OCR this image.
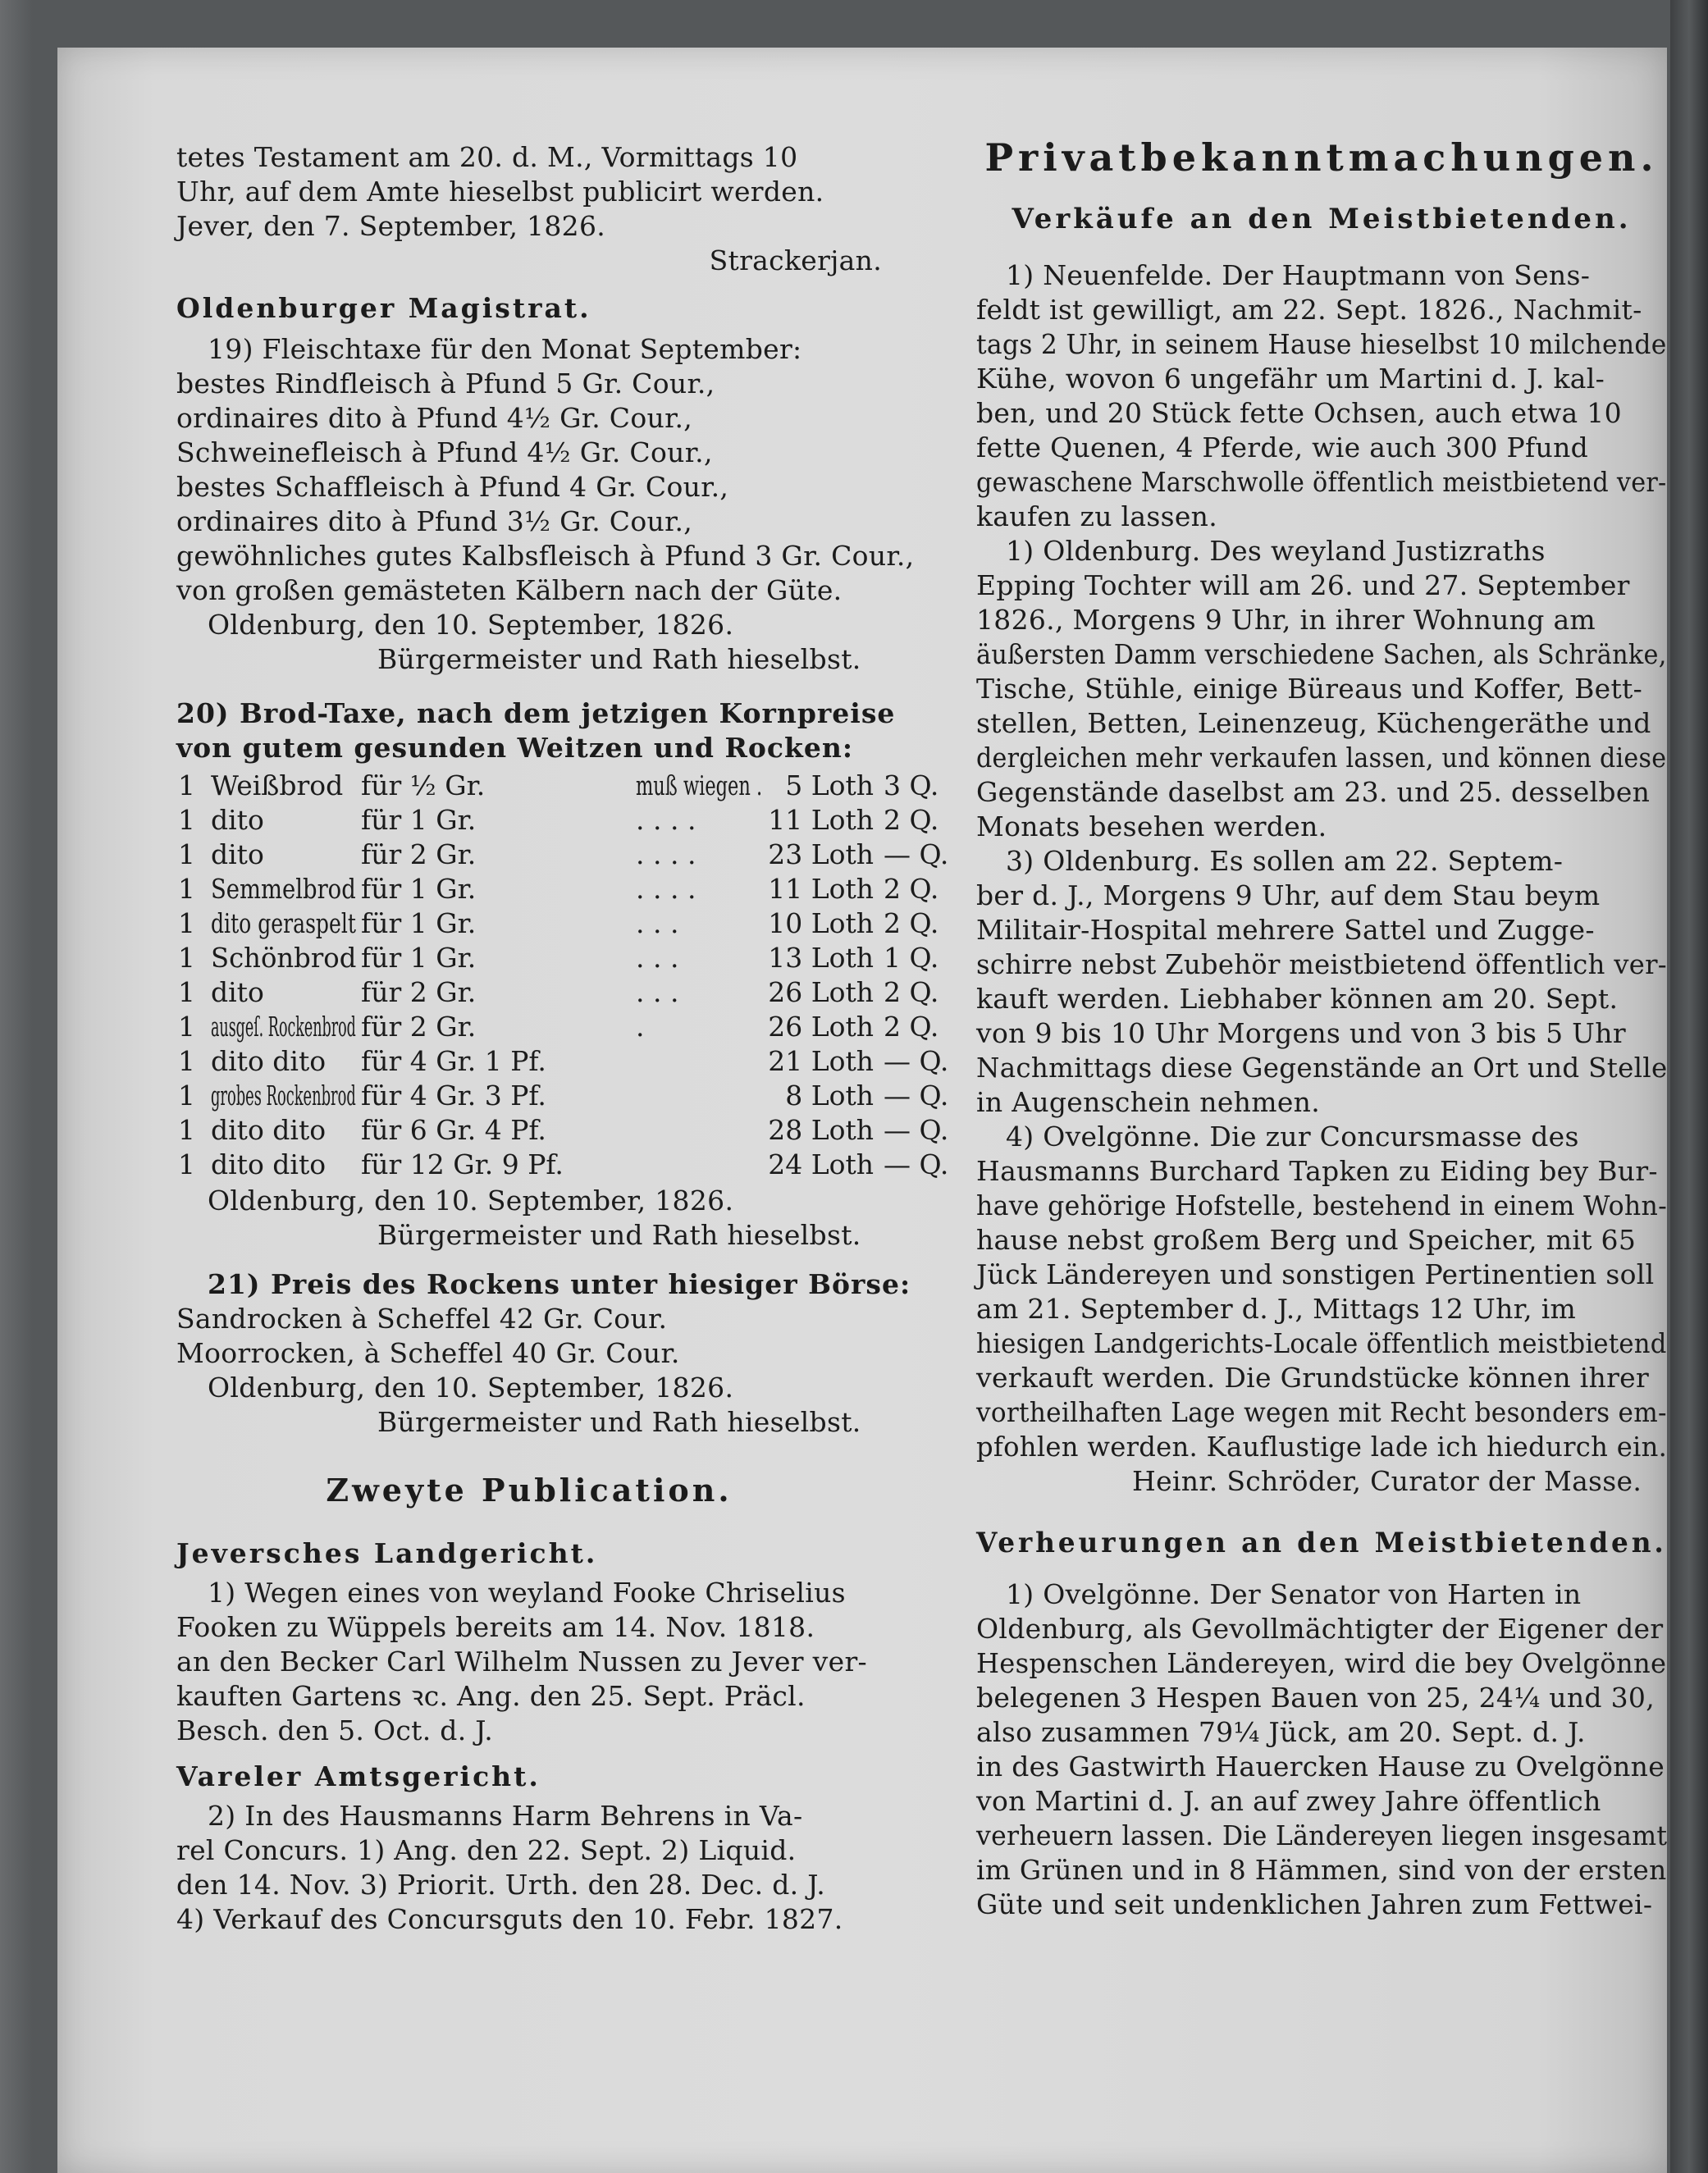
tetes Testament am 20. d. M., Vormittags 10
Uhr, auf dem Amte hieselbst publicirt werden.
Jever, den 7. September, 1826.
Strackerjan.
Oldenburger Magistrat.
19) Fleischtaxe für den Monat September:
bestes Rindfleisch à Pfund 5 Gr. Cour.,
ordinaires dito à Pfund 4½ Gr. Cour.,
Schweinefleisch à Pfund 4½ Gr. Cour.,
bestes Schaffleisch à Pfund 4 Gr. Cour.,
ordinaires dito à Pfund 3½ Gr. Cour.,
gewöhnliches gutes Kalbsfleisch à Pfund 3 Gr. Cour.,
von großen gemästeten Kälbern nach der Güte.
Oldenburg, den 10. September, 1826.
Bürgermeister und Rath hieselbst.
20) Brod-Taxe, nach dem jetzigen Kornpreise
von gutem gesunden Weitzen und Rocken:
1 Weißbrod für ½ Gr.	muß wiegen . 5 Loth 3 Q.
1 dito	für 1 Gr.	. . . .	11 Loth 2 Q.
1 dito	für 2 Gr.	. . . .	23 Loth — Q.
1 Semmelbrod für 1 Gr.	. . . .	11 Loth 2 Q.
1 dito geraspelt für 1 Gr.	. . .	10 Loth 2 Q.
1 Schönbrod für 1 Gr.	. . .	13 Loth 1 Q.
1 dito	für 2 Gr.	. . .	26 Loth 2 Q.
1 ausgeſ. Rockenbrod für 2 Gr.	.	26 Loth 2 Q.
1 dito dito für 4 Gr. 1 Pf.	21 Loth — Q.
1 grobes Rockenbrod für 4 Gr. 3 Pf.	8 Loth — Q.
1 dito dito für 6 Gr. 4 Pf.	28 Loth — Q.
1 dito dito für 12 Gr. 9 Pf.	24 Loth — Q.
Oldenburg, den 10. September, 1826.
Bürgermeister und Rath hieselbst.
21) Preis des Rockens unter hiesiger Börse:
Sandrocken à Scheffel 42 Gr. Cour.
Moorrocken, à Scheffel 40 Gr. Cour.
Oldenburg, den 10. September, 1826.
Bürgermeister und Rath hieselbst.
Zweyte Publication.
Jeversches Landgericht.
1) Wegen eines von weyland Fooke Chriselius
Fooken zu Wüppels bereits am 14. Nov. 1818.
an den Becker Carl Wilhelm Nussen zu Jever ver-
kauften Gartens ꝛc. Ang. den 25. Sept. Präcl.
Besch. den 5. Oct. d. J.
Vareler Amtsgericht.
2) In des Hausmanns Harm Behrens in Va-
rel Concurs. 1) Ang. den 22. Sept. 2) Liquid.
den 14. Nov. 3) Priorit. Urth. den 28. Dec. d. J.
4) Verkauf des Concursguts den 10. Febr. 1827.
Privatbekanntmachungen.
Verkäufe an den Meistbietenden.
1) Neuenfelde. Der Hauptmann von Sens-
feldt ist gewilligt, am 22. Sept. 1826., Nachmit-
tags 2 Uhr, in seinem Hause hieselbst 10 milchende
Kühe, wovon 6 ungefähr um Martini d. J. kal-
ben, und 20 Stück fette Ochsen, auch etwa 10
fette Quenen, 4 Pferde, wie auch 300 Pfund
gewaschene Marschwolle öffentlich meistbietend ver-
kaufen zu lassen.
1) Oldenburg. Des weyland Justizraths
Epping Tochter will am 26. und 27. September
1826., Morgens 9 Uhr, in ihrer Wohnung am
äußersten Damm verschiedene Sachen, als Schränke,
Tische, Stühle, einige Büreaus und Koffer, Bett-
stellen, Betten, Leinenzeug, Küchengeräthe und
dergleichen mehr verkaufen lassen, und können diese
Gegenstände daselbst am 23. und 25. desselben
Monats besehen werden.
3) Oldenburg. Es sollen am 22. Septem-
ber d. J., Morgens 9 Uhr, auf dem Stau beym
Militair-Hospital mehrere Sattel und Zugge-
schirre nebst Zubehör meistbietend öffentlich ver-
kauft werden. Liebhaber können am 20. Sept.
von 9 bis 10 Uhr Morgens und von 3 bis 5 Uhr
Nachmittags diese Gegenstände an Ort und Stelle
in Augenschein nehmen.
4) Ovelgönne. Die zur Concursmasse des
Hausmanns Burchard Tapken zu Eiding bey Bur-
have gehörige Hofstelle, bestehend in einem Wohn-
hause nebst großem Berg und Speicher, mit 65
Jück Ländereyen und sonstigen Pertinentien soll
am 21. September d. J., Mittags 12 Uhr, im
hiesigen Landgerichts-Locale öffentlich meistbietend
verkauft werden. Die Grundstücke können ihrer
vortheilhaften Lage wegen mit Recht besonders em-
pfohlen werden. Kauflustige lade ich hiedurch ein.
Heinr. Schröder, Curator der Masse.
Verheurungen an den Meistbietenden.
1) Ovelgönne. Der Senator von Harten in
Oldenburg, als Gevollmächtigter der Eigener der
Hespenschen Ländereyen, wird die bey Ovelgönne
belegenen 3 Hespen Bauen von 25, 24¼ und 30,
also zusammen 79¼ Jück, am 20. Sept. d. J.
in des Gastwirth Hauercken Hause zu Ovelgönne
von Martini d. J. an auf zwey Jahre öffentlich
verheuern lassen. Die Ländereyen liegen insgesamt
im Grünen und in 8 Hämmen, sind von der ersten
Güte und seit undenklichen Jahren zum Fettwei-
